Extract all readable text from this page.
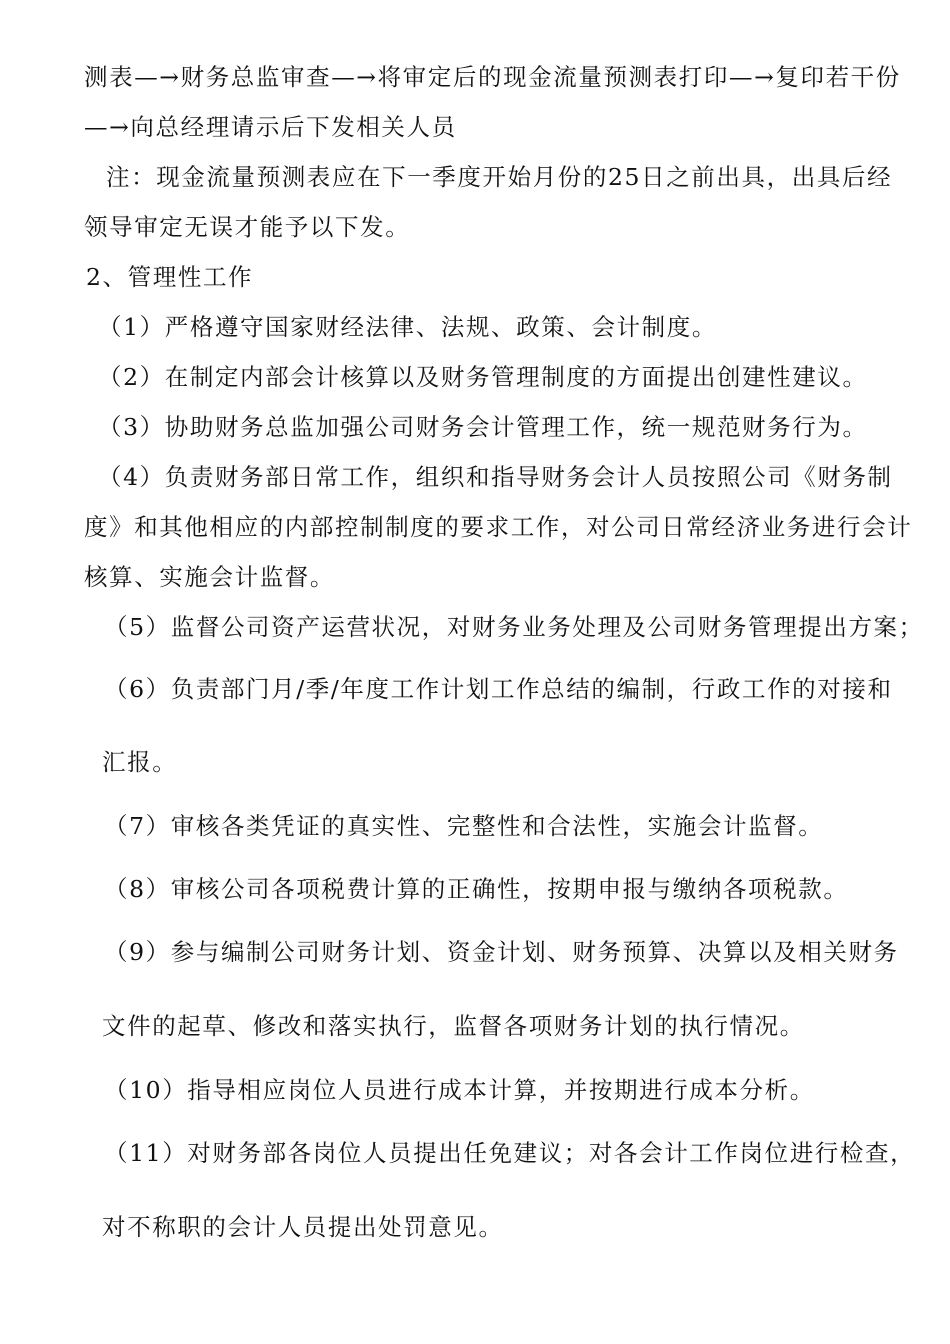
测表—→财务总监审查—→将审定后的现金流量预测表打印—→复印若干份
—→向总经理请示后下发相关人员
注：现金流量预测表应在下一季度开始月份的25日之前出具，出具后经
领导审定无误才能予以下发。
2、管理性工作
（1）严格遵守国家财经法律、法规、政策、会计制度。
（2）在制定内部会计核算以及财务管理制度的方面提出创建性建议。
（3）协助财务总监加强公司财务会计管理工作，统一规范财务行为。
（4）负责财务部日常工作，组织和指导财务会计人员按照公司《财务制
度》和其他相应的内部控制制度的要求工作，对公司日常经济业务进行会计
核算、实施会计监督。
（5）监督公司资产运营状况，对财务业务处理及公司财务管理提出方案；
（6）负责部门月/季/年度工作计划工作总结的编制，行政工作的对接和
汇报。
（7）审核各类凭证的真实性、完整性和合法性，实施会计监督。
（8）审核公司各项税费计算的正确性，按期申报与缴纳各项税款。
（9）参与编制公司财务计划、资金计划、财务预算、决算以及相关财务
文件的起草、修改和落实执行，监督各项财务计划的执行情况。
（10）指导相应岗位人员进行成本计算，并按期进行成本分析。
（11）对财务部各岗位人员提出任免建议；对各会计工作岗位进行检查，
对不称职的会计人员提出处罚意见。
